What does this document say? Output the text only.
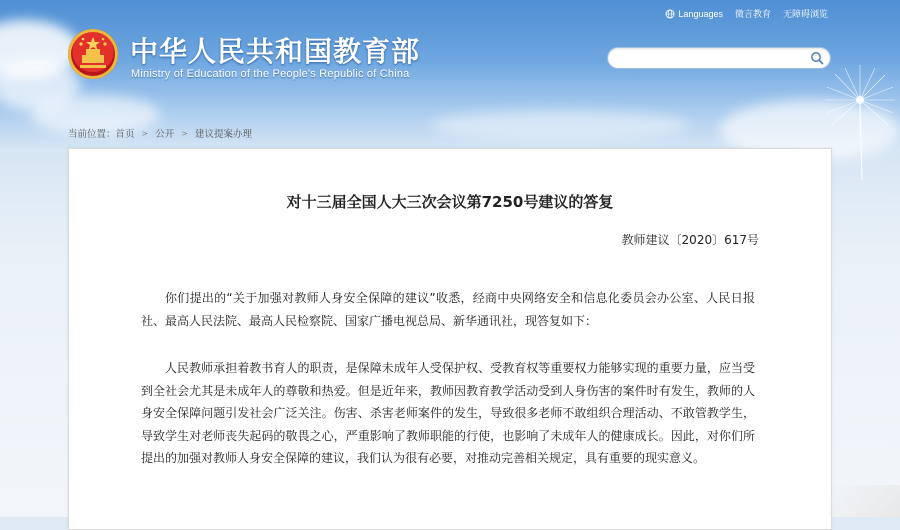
中华人民共和国教育部
Ministry of Education of the People's Republic of China
Languages 微言教育 无障碍浏览
当前位置： 首页 > 公开 > 建议提案办理
对十三届全国人大三次会议第7250号建议的答复
教师建议〔2020〕617号
你们提出的“关于加强对教师人身安全保障的建议”收悉，经商中央网络安全和信息化委员会办公室、人民日报社、最高人民法院、最高人民检察院、国家广播电视总局、新华通讯社，现答复如下：
人民教师承担着教书育人的职责，是保障未成年人受保护权、受教育权等重要权力能够实现的重要力量，应当受到全社会尤其是未成年人的尊敬和热爱。但是近年来，教师因教育教学活动受到人身伤害的案件时有发生，教师的人身安全保障问题引发社会广泛关注。伤害、杀害老师案件的发生，导致很多老师不敢组织合理活动、不敢管教学生，导致学生对老师丧失起码的敬畏之心，严重影响了教师职能的行使，也影响了未成年人的健康成长。因此，对你们所提出的加强对教师人身安全保障的建议，我们认为很有必要，对推动完善相关规定，具有重要的现实意义。
